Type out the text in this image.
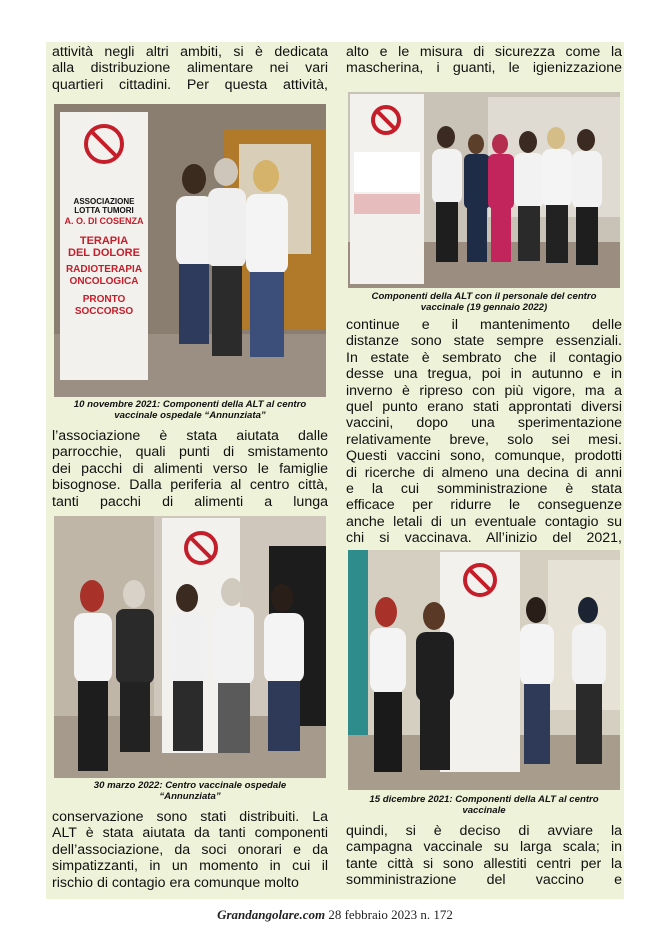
attività negli altri ambiti, si è dedicata
alla distribuzione alimentare nei vari
quartieri cittadini. Per questa attività,

ASSOCIAZIONE
LOTTA TUMORI
A. O. DI COSENZA
TERAPIA
DEL DOLORE
RADIOTERAPIA
ONCOLOGICA
PRONTO
SOCCORSO
10 novembre 2021: Componenti della ALT al centro
vaccinale ospedale “Annunziata”

l’associazione è stata aiutata dalle
parrocchie, quali punti di smistamento
dei pacchi di alimenti verso le famiglie
bisognose. Dalla periferia al centro città,
tanti pacchi di alimenti a lunga

30 marzo 2022: Centro vaccinale ospedale
“Annunziata”

conservazione sono stati distribuiti. La
ALT è stata aiutata da tanti componenti
dell’associazione, da soci onorari e da
simpatizzanti, in un momento in cui il
rischio di contagio era comunque molto

alto e le misura di sicurezza come la
mascherina, i guanti, le igienizzazione

Componenti della ALT con il personale del centro
vaccinale (19 gennaio 2022)

continue e il mantenimento delle
distanze sono state sempre essenziali.
In estate è sembrato che il contagio
desse una tregua, poi in autunno e in
inverno è ripreso con più vigore, ma a
quel punto erano stati approntati diversi
vaccini, dopo una sperimentazione
relativamente breve, solo sei mesi.
Questi vaccini sono, comunque, prodotti
di ricerche di almeno una decina di anni
e la cui somministrazione è stata
efficace per ridurre le conseguenze
anche letali di un eventuale contagio su
chi si vaccinava. All’inizio del 2021,

15 dicembre 2021: Componenti della ALT al centro
vaccinale

quindi, si è deciso di avviare la
campagna vaccinale su larga scala; in
tante città si sono allestiti centri per la
somministrazione del vaccino e

Grandangolare.com 28 febbraio 2023 n. 172
